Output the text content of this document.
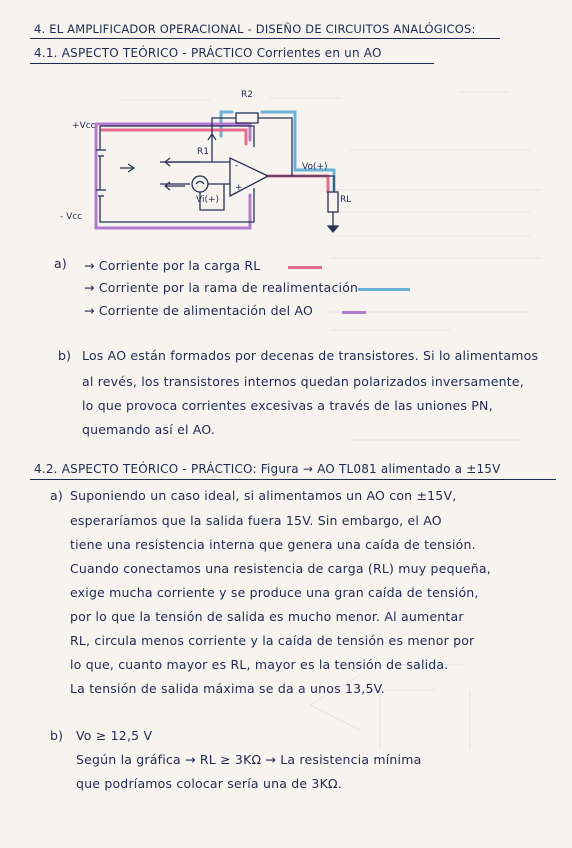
4. EL AMPLIFICADOR OPERACIONAL - DISEÑO DE CIRCUITOS ANALÓGICOS:
4.1. ASPECTO TEÓRICO - PRÁCTICO Corrientes en un AO
R2
R1
+Vcc
- Vcc
-
+
Vi(+)
Vo(+)
RL
a) → Corriente por la carga RL
→ Corriente por la rama de realimentación
→ Corriente de alimentación del AO
b) Los AO están formados por decenas de transistores. Si lo alimentamos
al revés, los transistores internos quedan polarizados inversamente,
lo que provoca corrientes excesivas a través de las uniones PN,
quemando así el AO.
4.2. ASPECTO TEÓRICO - PRÁCTICO: Figura → AO TL081 alimentado a ±15V
a) Suponiendo un caso ideal, si alimentamos un AO con ±15V,
esperaríamos que la salida fuera 15V. Sin embargo, el AO
tiene una resistencia interna que genera una caída de tensión.
Cuando conectamos una resistencia de carga (RL) muy pequeña,
exige mucha corriente y se produce una gran caída de tensión,
por lo que la tensión de salida es mucho menor. Al aumentar
RL, circula menos corriente y la caída de tensión es menor por
lo que, cuanto mayor es RL, mayor es la tensión de salida.
La tensión de salida máxima se da a unos 13,5V.
b) Vo ≥ 12,5 V
Según la gráfica → RL ≥ 3KΩ → La resistencia mínima
que podríamos colocar sería una de 3KΩ.
